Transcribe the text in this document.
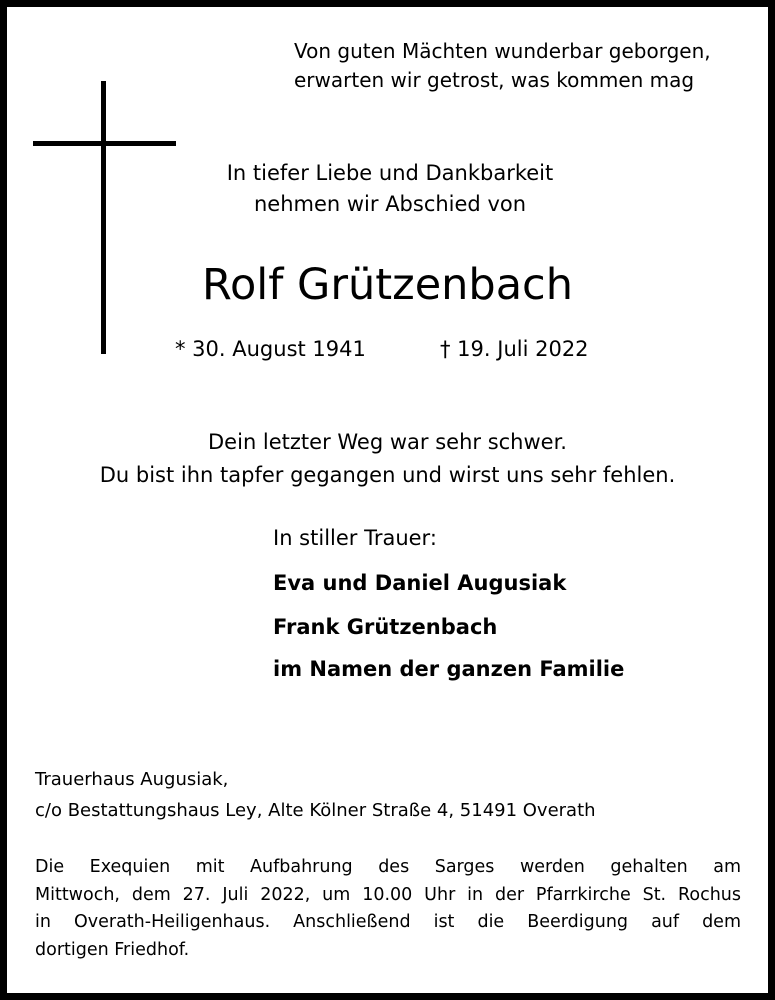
Von guten Mächten wunderbar geborgen,
erwarten wir getrost, was kommen mag
In tiefer Liebe und Dankbarkeit
nehmen wir Abschied von
Rolf Grützenbach
* 30. August 1941	† 19. Juli 2022
Dein letzter Weg war sehr schwer.
Du bist ihn tapfer gegangen und wirst uns sehr fehlen.
In stiller Trauer:
Eva und Daniel Augusiak
Frank Grützenbach
im Namen der ganzen Familie
Trauerhaus Augusiak,
c/o Bestattungshaus Ley, Alte Kölner Straße 4, 51491 Overath
Die Exequien mit Aufbahrung des Sarges werden gehalten am
Mittwoch, dem 27. Juli 2022, um 10.00 Uhr in der Pfarrkirche St. Rochus
in Overath-Heiligenhaus. Anschließend ist die Beerdigung auf dem
dortigen Friedhof.
